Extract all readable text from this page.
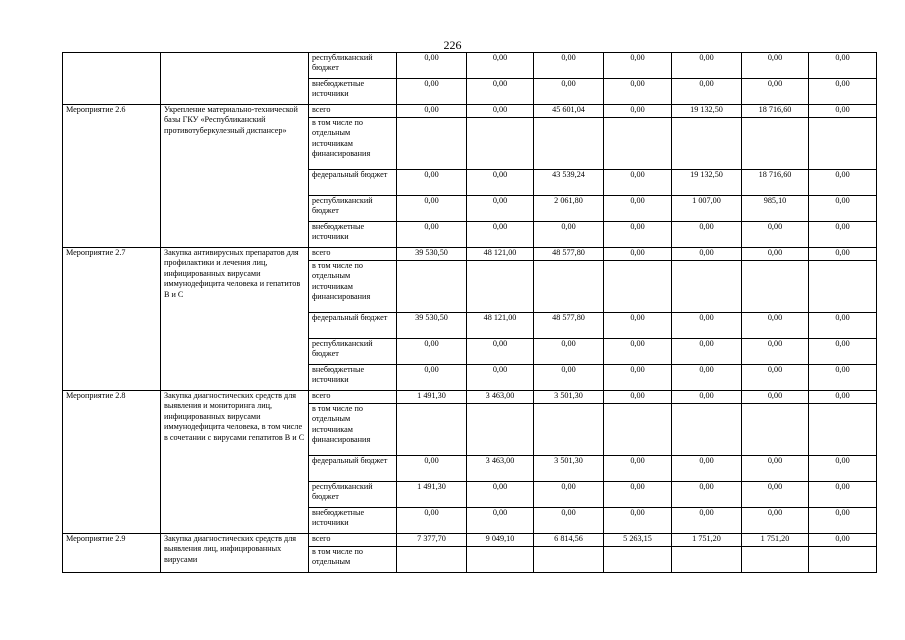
226
		республиканский бюджет	0,00	0,00	0,00	0,00	0,00	0,00	0,00
		внебюджетные источники	0,00	0,00	0,00	0,00	0,00	0,00	0,00
Мероприятие 2.6	Укрепление материально-технической базы ГКУ «Республиканский противотуберкулезный диспансер»	всего	0,00	0,00	45 601,04	0,00	19 132,50	18 716,60	0,00
		в том числе по отдельным источникам финансирования							
		федеральный бюджет	0,00	0,00	43 539,24	0,00	19 132,50	18 716,60	0,00
		республиканский бюджет	0,00	0,00	2 061,80	0,00	1 007,00	985,10	0,00
		внебюджетные источники	0,00	0,00	0,00	0,00	0,00	0,00	0,00
Мероприятие 2.7	Закупка антивирусных препаратов для профилактики и лечения лиц, инфицированных вирусами иммунодефицита человека и гепатитов В и С	всего	39 530,50	48 121,00	48 577,80	0,00	0,00	0,00	0,00
		в том числе по отдельным источникам финансирования							
		федеральный бюджет	39 530,50	48 121,00	48 577,80	0,00	0,00	0,00	0,00
		республиканский бюджет	0,00	0,00	0,00	0,00	0,00	0,00	0,00
		внебюджетные источники	0,00	0,00	0,00	0,00	0,00	0,00	0,00
Мероприятие 2.8	Закупка диагностических средств для выявления и мониторинга лиц, инфицированных вирусами иммунодефицита человека, в том числе в сочетании с вирусами гепатитов В и С	всего	1 491,30	3 463,00	3 501,30	0,00	0,00	0,00	0,00
		в том числе по отдельным источникам финансирования							
		федеральный бюджет	0,00	3 463,00	3 501,30	0,00	0,00	0,00	0,00
		республиканский бюджет	1 491,30	0,00	0,00	0,00	0,00	0,00	0,00
		внебюджетные источники	0,00	0,00	0,00	0,00	0,00	0,00	0,00
Мероприятие 2.9	Закупка диагностических средств для выявления лиц, инфицированных вирусами	всего	7 377,70	9 049,10	6 814,56	5 263,15	1 751,20	1 751,20	0,00
		в том числе по отдельным							
